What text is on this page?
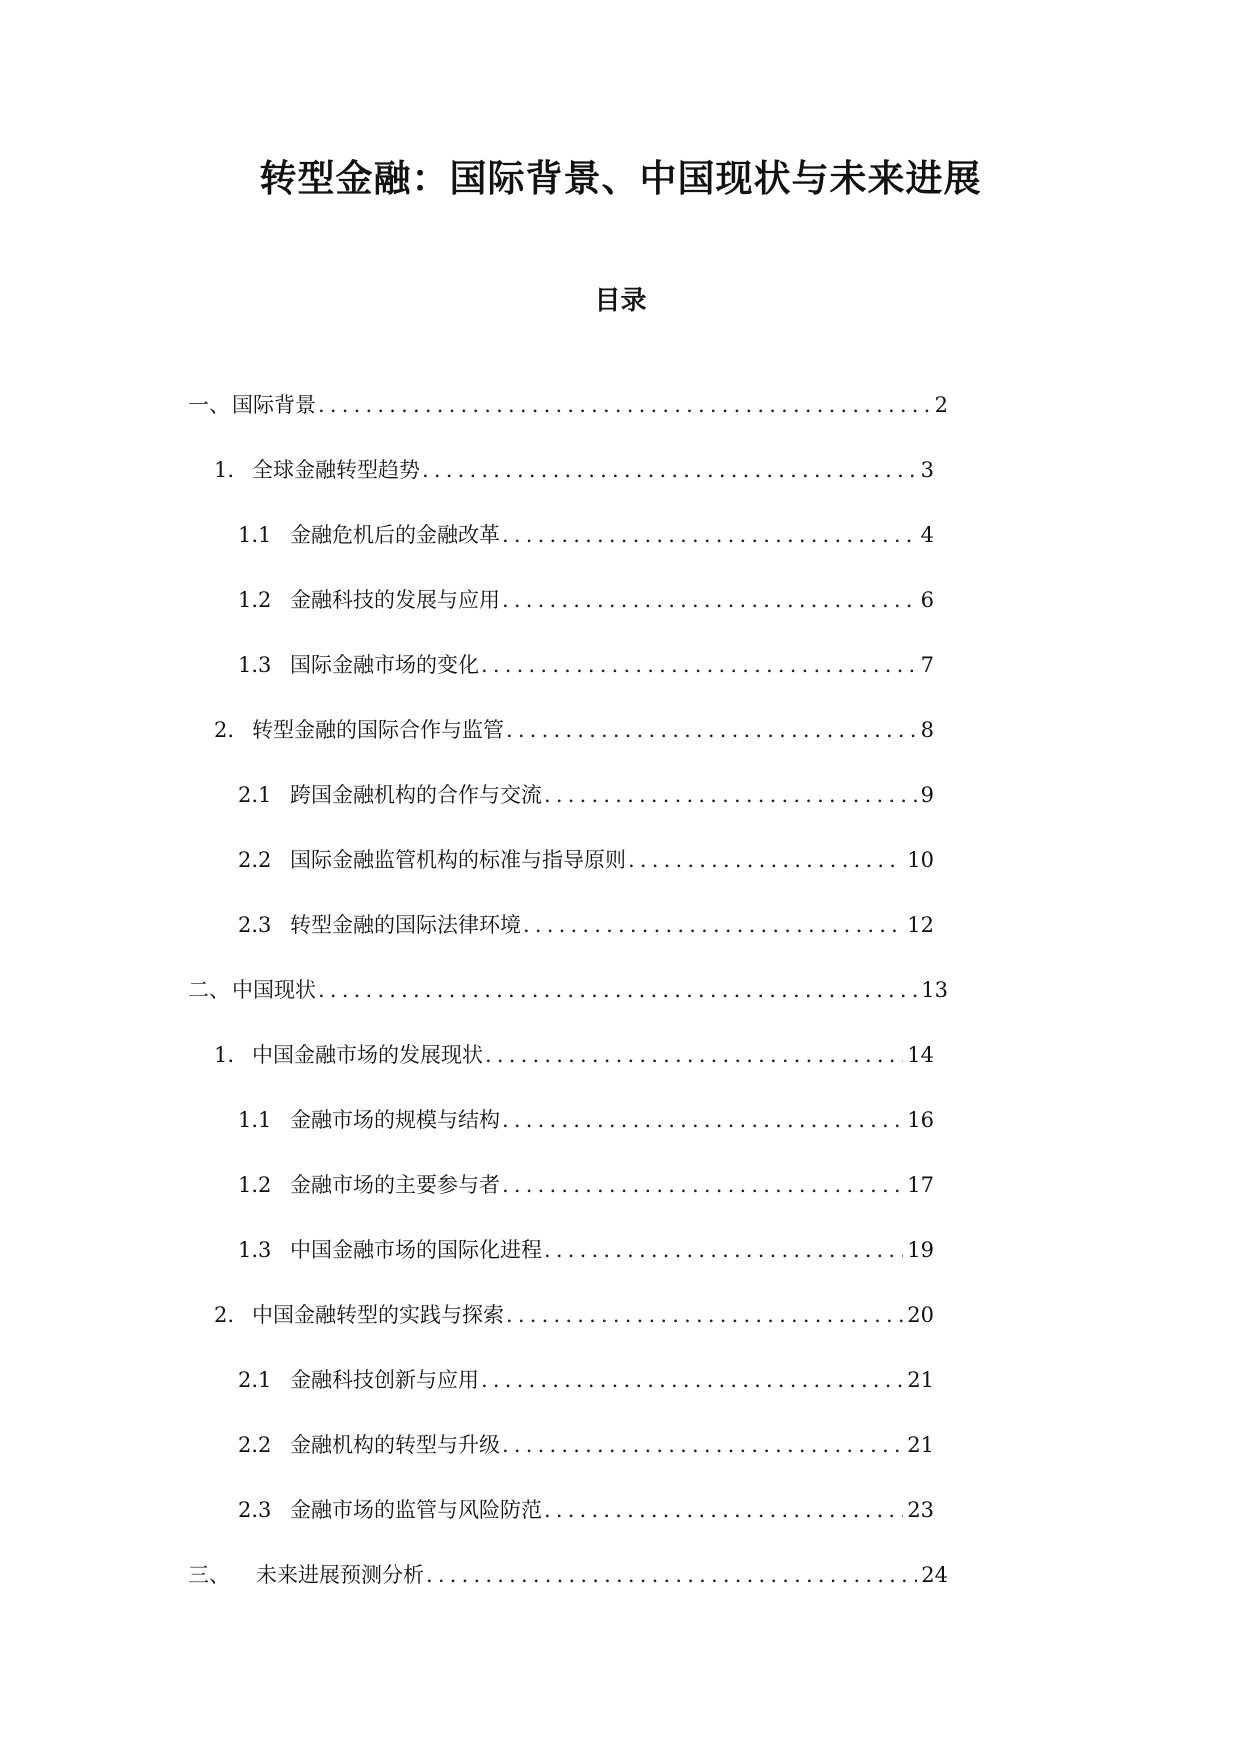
转型金融：国际背景、中国现状与未来进展
目录
一、 国际背景 .....	2
1. 全球金融转型趋势 .....	3
1.1 金融危机后的金融改革 .....	4
1.2 金融科技的发展与应用 .....	6
1.3 国际金融市场的变化 .....	7
2. 转型金融的国际合作与监管 .....	8
2.1 跨国金融机构的合作与交流 .....	9
2.2 国际金融监管机构的标准与指导原则 .....	10
2.3 转型金融的国际法律环境 .....	12
二、 中国现状 .....	13
1. 中国金融市场的发展现状 .....	14
1.1 金融市场的规模与结构 .....	16
1.2 金融市场的主要参与者 .....	17
1.3 中国金融市场的国际化进程 .....	19
2. 中国金融转型的实践与探索 .....	20
2.1 金融科技创新与应用 .....	21
2.2 金融机构的转型与升级 .....	21
2.3 金融市场的监管与风险防范 .....	23
三、 未来进展预测分析 .....	24
